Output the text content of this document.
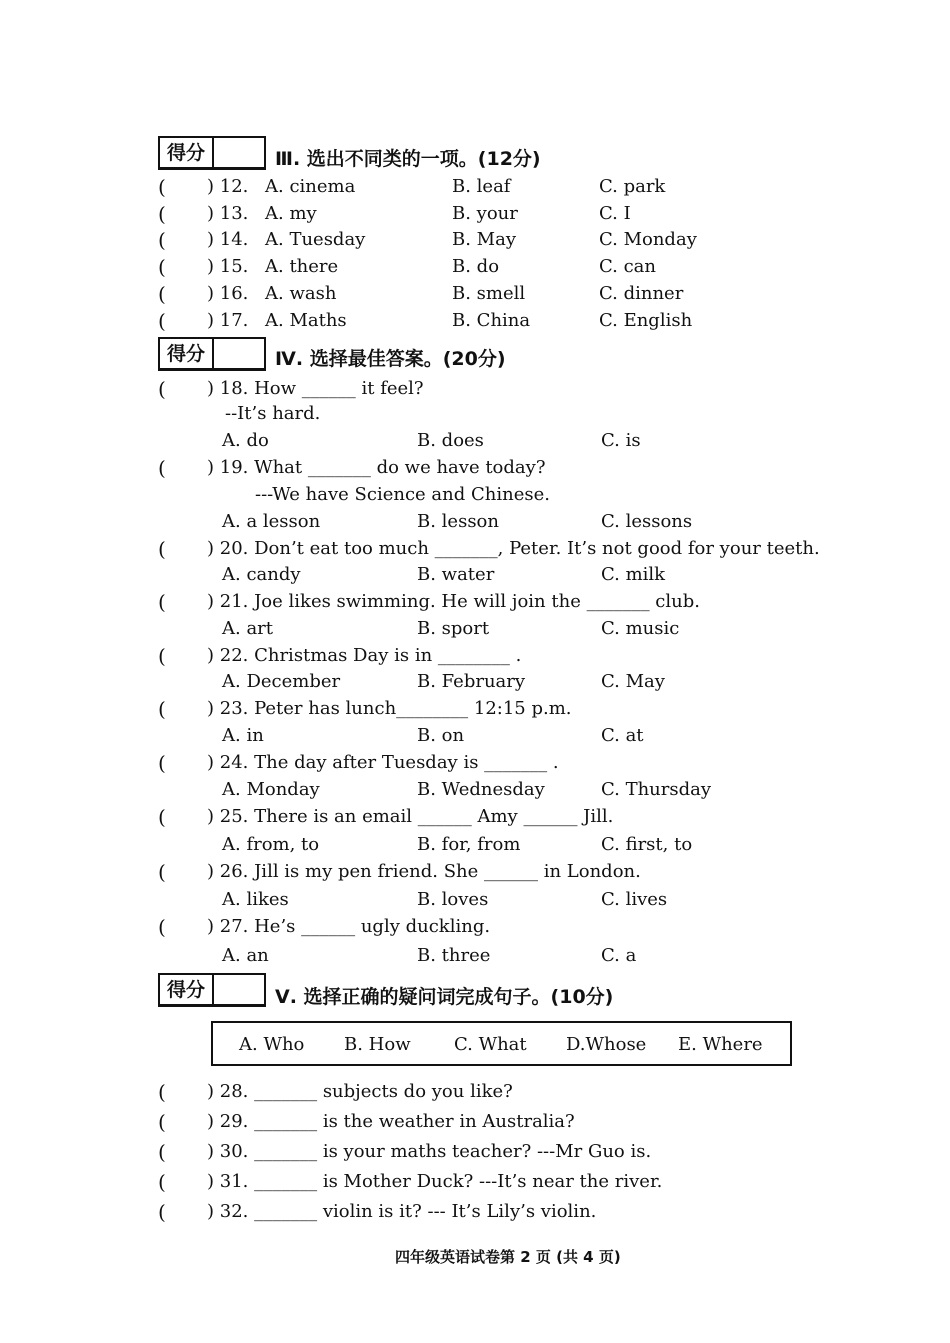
得分	Ⅲ. 选出不同类的一项。(12分)
( ) 12. A. cinema	B. leaf	C. park
( ) 13. A. my	B. your	C. I
( ) 14. A. Tuesday	B. May	C. Monday
( ) 15. A. there	B. do	C. can
( ) 16. A. wash	B. smell	C. dinner
( ) 17. A. Maths	B. China	C. English
得分	Ⅳ. 选择最佳答案。(20分)
( ) 18. How ______ it feel?
--It’s hard.
A. do	B. does	C. is
( ) 19. What _______ do we have today?
---We have Science and Chinese.
A. a lesson	B. lesson	C. lessons
( ) 20. Don’t eat too much _______, Peter. It’s not good for your teeth.
A. candy	B. water	C. milk
( ) 21. Joe likes swimming. He will join the _______ club.
A. art	B. sport	C. music
( ) 22. Christmas Day is in ________ .
A. December	B. February	C. May
( ) 23. Peter has lunch________ 12:15 p.m.
A. in	B. on	C. at
( ) 24. The day after Tuesday is _______ .
A. Monday	B. Wednesday	C. Thursday
( ) 25. There is an email ______ Amy ______ Jill.
A. from, to	B. for, from	C. first, to
( ) 26. Jill is my pen friend. She ______ in London.
A. likes	B. loves	C. lives
( ) 27. He’s ______ ugly duckling.
A. an	B. three	C. a
得分	Ⅴ. 选择正确的疑问词完成句子。(10分)
A. Who B. How C. What D.Whose E. Where
( ) 28. _______ subjects do you like?
( ) 29. _______ is the weather in Australia?
( ) 30. _______ is your maths teacher? ---Mr Guo is.
( ) 31. _______ is Mother Duck? ---It’s near the river.
( ) 32. _______ violin is it? --- It’s Lily’s violin.
四年级英语试卷第 2 页 (共 4 页)
